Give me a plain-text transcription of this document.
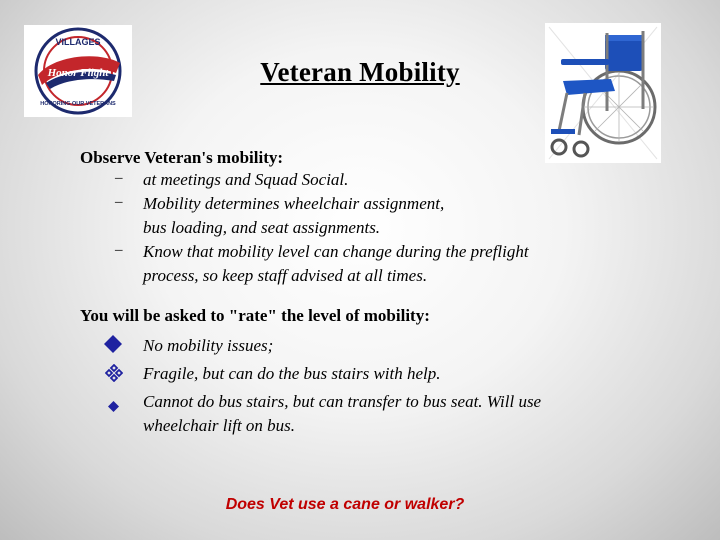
VILLAGES
Honor Flight
HONORING OUR VETERANS
Veteran Mobility
Observe Veteran's mobility:
– at meetings and Squad Social.
– Mobility determines wheelchair assignment,
bus loading, and seat assignments.
– Know that mobility level can change during the preflight
process, so keep staff advised at all times.
You will be asked to "rate" the level of mobility:
No mobility issues;
Fragile, but can do the bus stairs with help.
Cannot do bus stairs, but can transfer to bus seat. Will use
wheelchair lift on bus.
Does Vet use a cane or walker?
